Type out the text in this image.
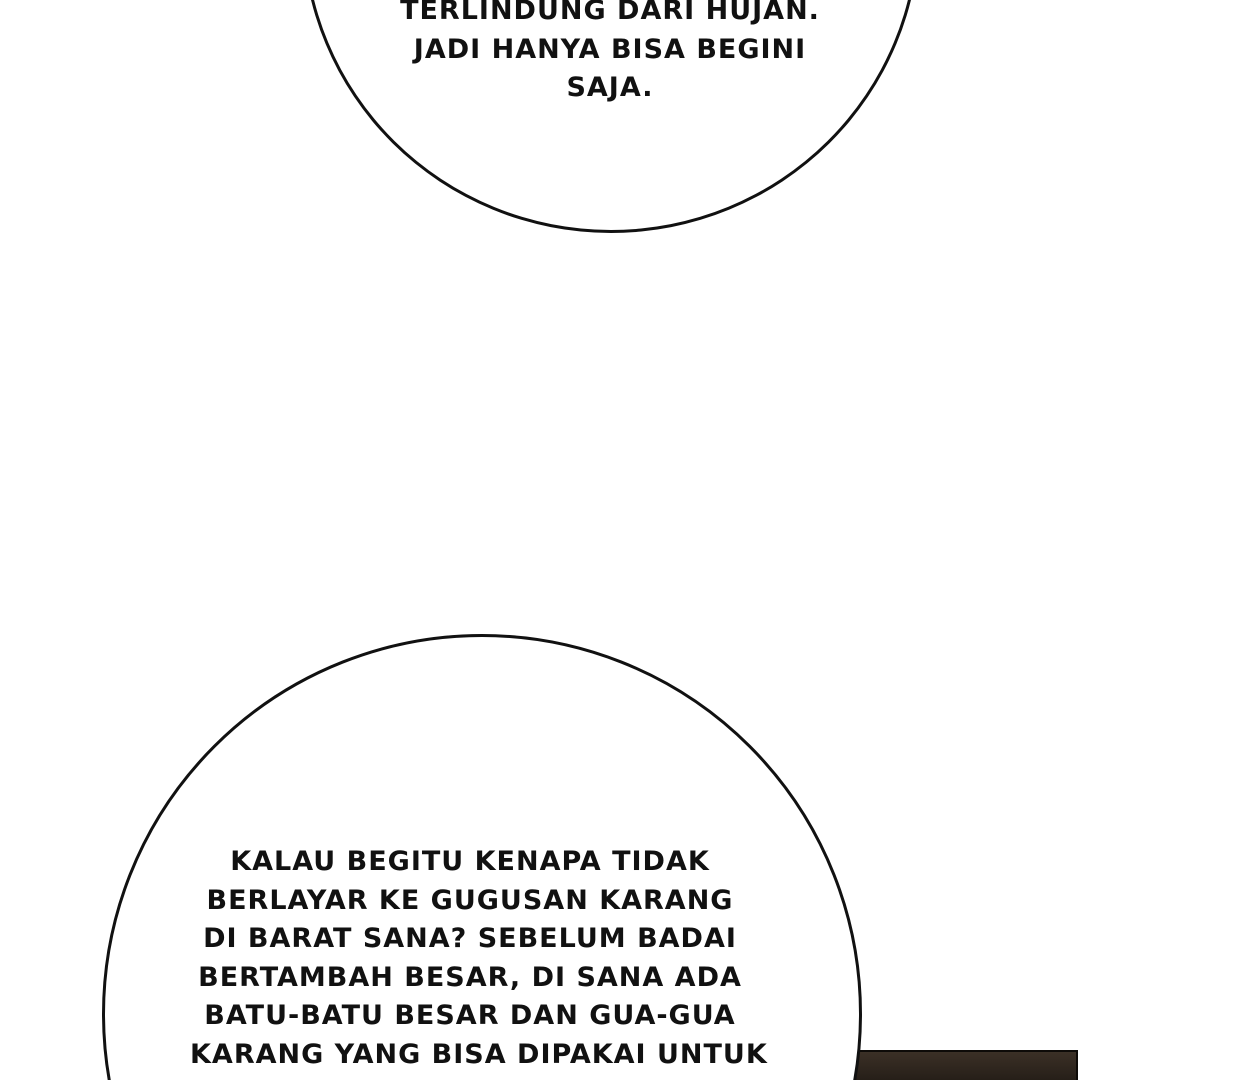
TERLINDUNG DARI HUJAN.
JADI HANYA BISA BEGINI
SAJA.

KALAU BEGITU KENAPA TIDAK
BERLAYAR KE GUGUSAN KARANG
DI BARAT SANA? SEBELUM BADAI
BERTAMBAH BESAR, DI SANA ADA
BATU-BATU BESAR DAN GUA-GUA
KARANG YANG BISA DIPAKAI UNTUK
